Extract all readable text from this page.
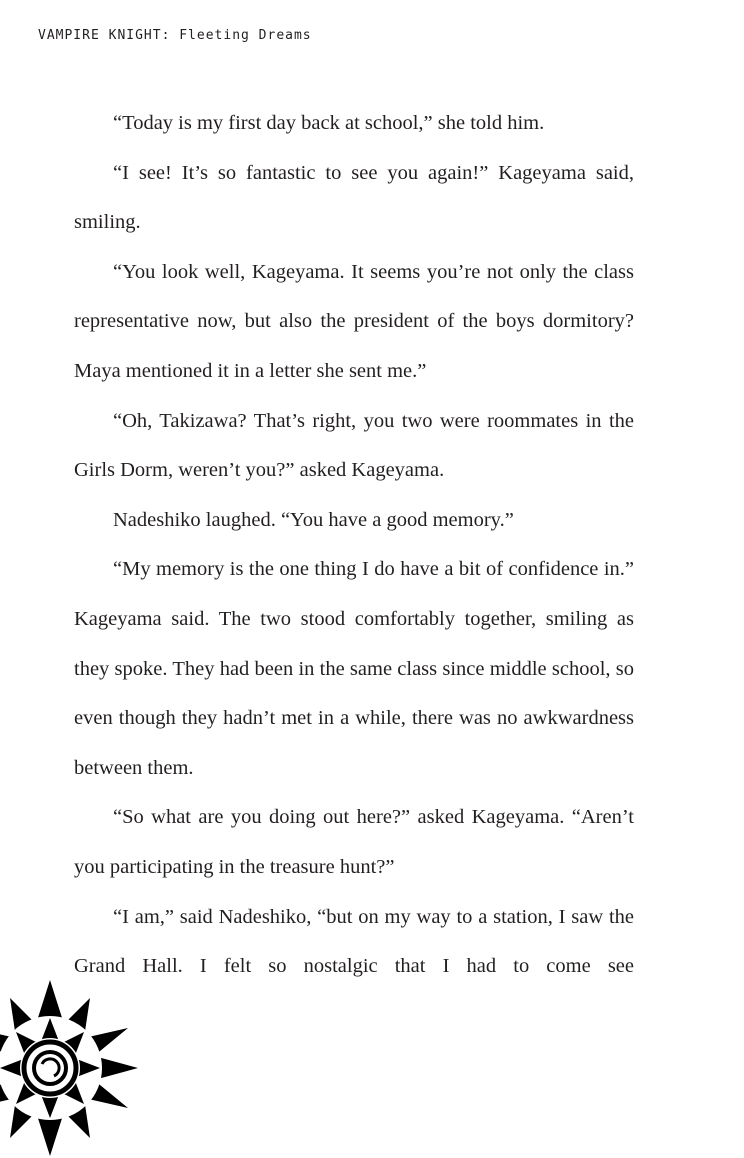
VAMPIRE KNIGHT: Fleeting Dreams

“Today is my first day back at school,” she told him.

“I see! It’s so fantastic to see you again!” Kageyama said, smiling.

“You look well, Kageyama. It seems you’re not only the class representative now, but also the president of the boys dormitory? Maya mentioned it in a letter she sent me.”

“Oh, Takizawa? That’s right, you two were roommates in the Girls Dorm, weren’t you?” asked Kageyama.

Nadeshiko laughed. “You have a good memory.”

“My memory is the one thing I do have a bit of confidence in.” Kageyama said. The two stood comfortably together, smiling as they spoke. They had been in the same class since middle school, so even though they hadn’t met in a while, there was no awkwardness between them.

“So what are you doing out here?” asked Kageyama. “Aren’t you participating in the treasure hunt?”

“I am,” said Nadeshiko, “but on my way to a station, I saw the Grand Hall. I felt so nostalgic that I had to come see
